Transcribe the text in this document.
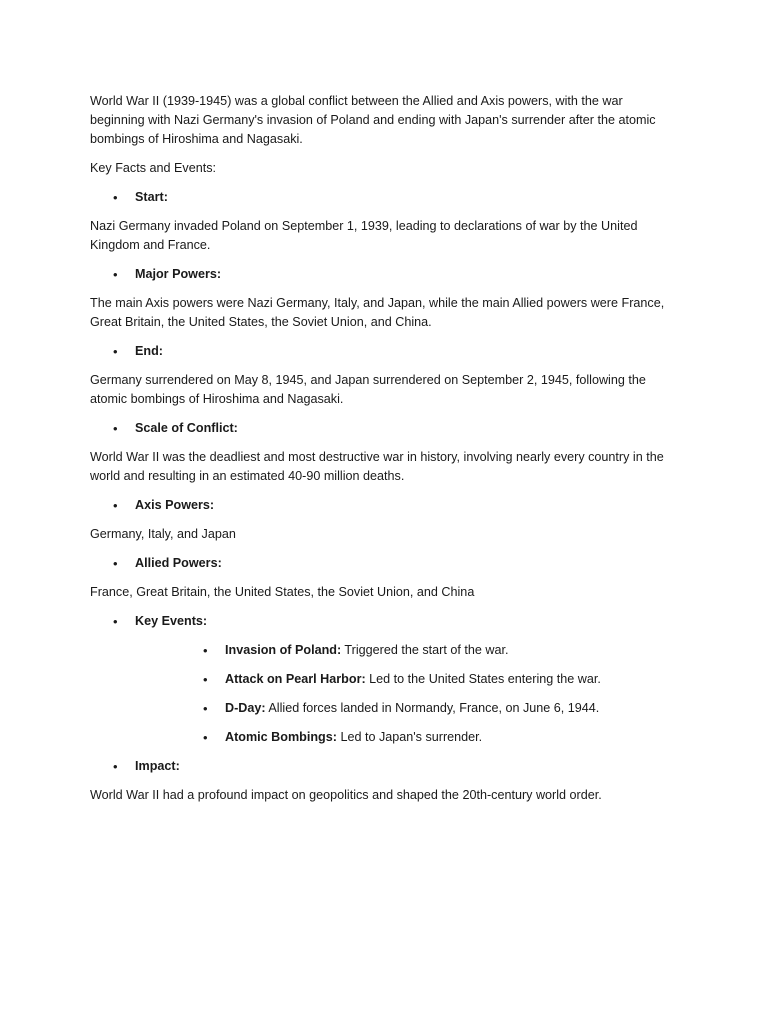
World War II (1939-1945) was a global conflict between the Allied and Axis powers, with the war beginning with Nazi Germany's invasion of Poland and ending with Japan's surrender after the atomic bombings of Hiroshima and Nagasaki.

Key Facts and Events:

• Start:

Nazi Germany invaded Poland on September 1, 1939, leading to declarations of war by the United Kingdom and France.

• Major Powers:

The main Axis powers were Nazi Germany, Italy, and Japan, while the main Allied powers were France, Great Britain, the United States, the Soviet Union, and China.

• End:

Germany surrendered on May 8, 1945, and Japan surrendered on September 2, 1945, following the atomic bombings of Hiroshima and Nagasaki.

• Scale of Conflict:

World War II was the deadliest and most destructive war in history, involving nearly every country in the world and resulting in an estimated 40-90 million deaths.

• Axis Powers:

Germany, Italy, and Japan

• Allied Powers:

France, Great Britain, the United States, the Soviet Union, and China

• Key Events:
• Invasion of Poland: Triggered the start of the war.
• Attack on Pearl Harbor: Led to the United States entering the war.
• D-Day: Allied forces landed in Normandy, France, on June 6, 1944.
• Atomic Bombings: Led to Japan's surrender.
• Impact:

World War II had a profound impact on geopolitics and shaped the 20th-century world order.
